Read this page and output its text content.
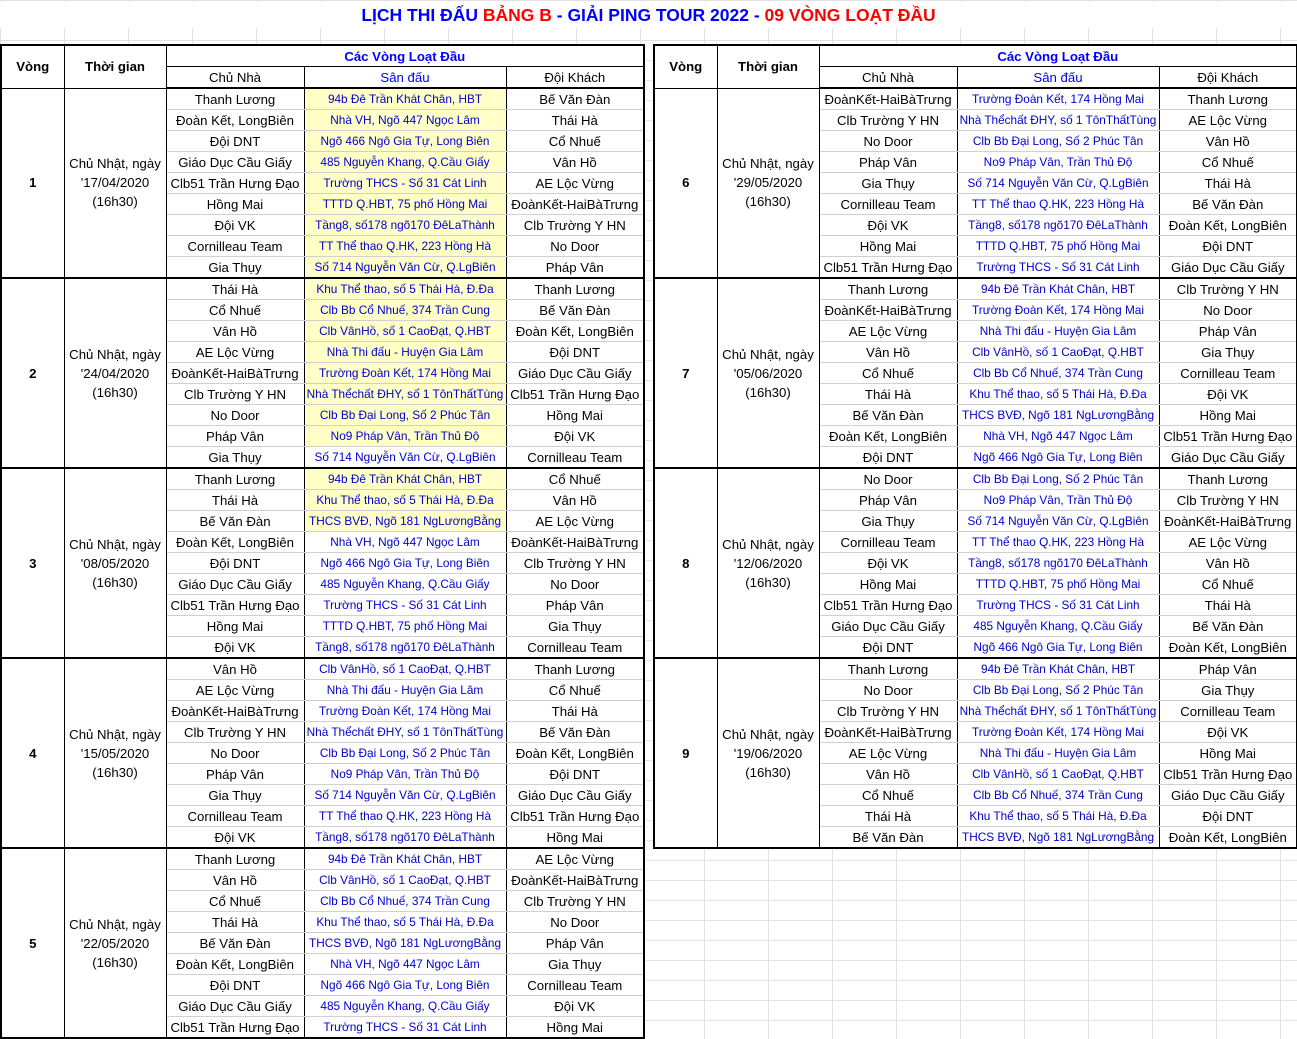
LỊCH THI ĐẤU BẢNG B - GIẢI PING TOUR 2022 - 09 VÒNG LOẠT ĐẦU
Vòng	Thời gian	Các Vòng Loạt Đầu		
		Chủ Nhà	Sân đấu	Đội Khách
1	Chủ Nhật, ngày '17/04/2020 (16h30)	Thanh Lương	94b Đê Trần Khát Chân, HBT	Bế Văn Đàn
		Đoàn Kết, LongBiên	Nhà VH, Ngõ 447 Ngọc Lâm	Thái Hà
		Đội DNT	Ngõ 466 Ngô Gia Tự, Long Biên	Cổ Nhuế
		Giáo Dục Cầu Giấy	485 Nguyễn Khang, Q.Cầu Giấy	Vân Hồ
		Clb51 Trần Hưng Đạo	Trường THCS - Số 31 Cát Linh	AE Lộc Vừng
		Hồng Mai	TTTD Q.HBT, 75 phố Hồng Mai	ĐoànKết-HaiBàTrưng
		Đội VK	Tầng8, số178 ngõ170 ĐêLaThành	Clb Trường Y HN
		Cornilleau Team	TT Thể thao Q.HK, 223 Hồng Hà	No Door
		Gia Thụy	Số 714 Nguyễn Văn Cừ, Q.LgBiên	Pháp Vân
2	Chủ Nhật, ngày '24/04/2020 (16h30)	Thái Hà	Khu Thể thao, số 5 Thái Hà, Đ.Đa	Thanh Lương
		Cổ Nhuế	Clb Bb Cổ Nhuế, 374 Trần Cung	Bế Văn Đàn
		Vân Hồ	Clb VânHồ, số 1 CaoĐạt, Q.HBT	Đoàn Kết, LongBiên
		AE Lộc Vừng	Nhà Thi đấu - Huyện Gia Lâm	Đội DNT
		ĐoànKết-HaiBàTrưng	Trường Đoàn Kết, 174 Hồng Mai	Giáo Dục Cầu Giấy
		Clb Trường Y HN	Nhà Thểchất ĐHY, số 1 TônThấtTùng	Clb51 Trần Hưng Đạo
		No Door	Clb Bb Đại Long, Số 2 Phúc Tân	Hồng Mai
		Pháp Vân	No9 Pháp Vân, Trần Thủ Độ	Đội VK
		Gia Thụy	Số 714 Nguyễn Văn Cừ, Q.LgBiên	Cornilleau Team
3	Chủ Nhật, ngày '08/05/2020 (16h30)	Thanh Lương	94b Đê Trần Khát Chân, HBT	Cổ Nhuế
		Thái Hà	Khu Thể thao, số 5 Thái Hà, Đ.Đa	Vân Hồ
		Bế Văn Đàn	THCS BVĐ, Ngõ 181 NgLươngBằng	AE Lộc Vừng
		Đoàn Kết, LongBiên	Nhà VH, Ngõ 447 Ngọc Lâm	ĐoànKết-HaiBàTrưng
		Đội DNT	Ngõ 466 Ngô Gia Tự, Long Biên	Clb Trường Y HN
		Giáo Dục Cầu Giấy	485 Nguyễn Khang, Q.Cầu Giấy	No Door
		Clb51 Trần Hưng Đạo	Trường THCS - Số 31 Cát Linh	Pháp Vân
		Hồng Mai	TTTD Q.HBT, 75 phố Hồng Mai	Gia Thụy
		Đội VK	Tầng8, số178 ngõ170 ĐêLaThành	Cornilleau Team
4	Chủ Nhật, ngày '15/05/2020 (16h30)	Vân Hồ	Clb VânHồ, số 1 CaoĐạt, Q.HBT	Thanh Lương
		AE Lộc Vừng	Nhà Thi đấu - Huyện Gia Lâm	Cổ Nhuế
		ĐoànKết-HaiBàTrưng	Trường Đoàn Kết, 174 Hồng Mai	Thái Hà
		Clb Trường Y HN	Nhà Thểchất ĐHY, số 1 TônThấtTùng	Bế Văn Đàn
		No Door	Clb Bb Đại Long, Số 2 Phúc Tân	Đoàn Kết, LongBiên
		Pháp Vân	No9 Pháp Vân, Trần Thủ Độ	Đội DNT
		Gia Thụy	Số 714 Nguyễn Văn Cừ, Q.LgBiên	Giáo Dục Cầu Giấy
		Cornilleau Team	TT Thể thao Q.HK, 223 Hồng Hà	Clb51 Trần Hưng Đạo
		Đội VK	Tầng8, số178 ngõ170 ĐêLaThành	Hồng Mai
5	Chủ Nhật, ngày '22/05/2020 (16h30)	Thanh Lương	94b Đê Trần Khát Chân, HBT	AE Lộc Vừng
		Vân Hồ	Clb VânHồ, số 1 CaoĐạt, Q.HBT	ĐoànKết-HaiBàTrưng
		Cổ Nhuế	Clb Bb Cổ Nhuế, 374 Trần Cung	Clb Trường Y HN
		Thái Hà	Khu Thể thao, số 5 Thái Hà, Đ.Đa	No Door
		Bế Văn Đàn	THCS BVĐ, Ngõ 181 NgLươngBằng	Pháp Vân
		Đoàn Kết, LongBiên	Nhà VH, Ngõ 447 Ngọc Lâm	Gia Thụy
		Đội DNT	Ngõ 466 Ngô Gia Tự, Long Biên	Cornilleau Team
		Giáo Dục Cầu Giấy	485 Nguyễn Khang, Q.Cầu Giấy	Đội VK
		Clb51 Trần Hưng Đạo	Trường THCS - Số 31 Cát Linh	Hồng Mai
Vòng	Thời gian	Các Vòng Loạt Đầu		
		Chủ Nhà	Sân đấu	Đội Khách
6	Chủ Nhật, ngày '29/05/2020 (16h30)	ĐoànKết-HaiBàTrưng	Trường Đoàn Kết, 174 Hồng Mai	Thanh Lương
		Clb Trường Y HN	Nhà Thểchất ĐHY, số 1 TônThấtTùng	AE Lộc Vừng
		No Door	Clb Bb Đại Long, Số 2 Phúc Tân	Vân Hồ
		Pháp Vân	No9 Pháp Vân, Trần Thủ Độ	Cổ Nhuế
		Gia Thụy	Số 714 Nguyễn Văn Cừ, Q.LgBiên	Thái Hà
		Cornilleau Team	TT Thể thao Q.HK, 223 Hồng Hà	Bế Văn Đàn
		Đội VK	Tầng8, số178 ngõ170 ĐêLaThành	Đoàn Kết, LongBiên
		Hồng Mai	TTTD Q.HBT, 75 phố Hồng Mai	Đội DNT
		Clb51 Trần Hưng Đạo	Trường THCS - Số 31 Cát Linh	Giáo Dục Cầu Giấy
7	Chủ Nhật, ngày '05/06/2020 (16h30)	Thanh Lương	94b Đê Trần Khát Chân, HBT	Clb Trường Y HN
		ĐoànKết-HaiBàTrưng	Trường Đoàn Kết, 174 Hồng Mai	No Door
		AE Lộc Vừng	Nhà Thi đấu - Huyện Gia Lâm	Pháp Vân
		Vân Hồ	Clb VânHồ, số 1 CaoĐạt, Q.HBT	Gia Thụy
		Cổ Nhuế	Clb Bb Cổ Nhuế, 374 Trần Cung	Cornilleau Team
		Thái Hà	Khu Thể thao, số 5 Thái Hà, Đ.Đa	Đội VK
		Bế Văn Đàn	THCS BVĐ, Ngõ 181 NgLươngBằng	Hồng Mai
		Đoàn Kết, LongBiên	Nhà VH, Ngõ 447 Ngọc Lâm	Clb51 Trần Hưng Đạo
		Đội DNT	Ngõ 466 Ngô Gia Tự, Long Biên	Giáo Dục Cầu Giấy
8	Chủ Nhật, ngày '12/06/2020 (16h30)	No Door	Clb Bb Đại Long, Số 2 Phúc Tân	Thanh Lương
		Pháp Vân	No9 Pháp Vân, Trần Thủ Độ	Clb Trường Y HN
		Gia Thụy	Số 714 Nguyễn Văn Cừ, Q.LgBiên	ĐoànKết-HaiBàTrưng
		Cornilleau Team	TT Thể thao Q.HK, 223 Hồng Hà	AE Lộc Vừng
		Đội VK	Tầng8, số178 ngõ170 ĐêLaThành	Vân Hồ
		Hồng Mai	TTTD Q.HBT, 75 phố Hồng Mai	Cổ Nhuế
		Clb51 Trần Hưng Đạo	Trường THCS - Số 31 Cát Linh	Thái Hà
		Giáo Dục Cầu Giấy	485 Nguyễn Khang, Q.Cầu Giấy	Bế Văn Đàn
		Đội DNT	Ngõ 466 Ngô Gia Tự, Long Biên	Đoàn Kết, LongBiên
9	Chủ Nhật, ngày '19/06/2020 (16h30)	Thanh Lương	94b Đê Trần Khát Chân, HBT	Pháp Vân
		No Door	Clb Bb Đại Long, Số 2 Phúc Tân	Gia Thụy
		Clb Trường Y HN	Nhà Thểchất ĐHY, số 1 TônThấtTùng	Cornilleau Team
		ĐoànKết-HaiBàTrưng	Trường Đoàn Kết, 174 Hồng Mai	Đội VK
		AE Lộc Vừng	Nhà Thi đấu - Huyện Gia Lâm	Hồng Mai
		Vân Hồ	Clb VânHồ, số 1 CaoĐạt, Q.HBT	Clb51 Trần Hưng Đạo
		Cổ Nhuế	Clb Bb Cổ Nhuế, 374 Trần Cung	Giáo Dục Cầu Giấy
		Thái Hà	Khu Thể thao, số 5 Thái Hà, Đ.Đa	Đội DNT
		Bế Văn Đàn	THCS BVĐ, Ngõ 181 NgLươngBằng	Đoàn Kết, LongBiên
